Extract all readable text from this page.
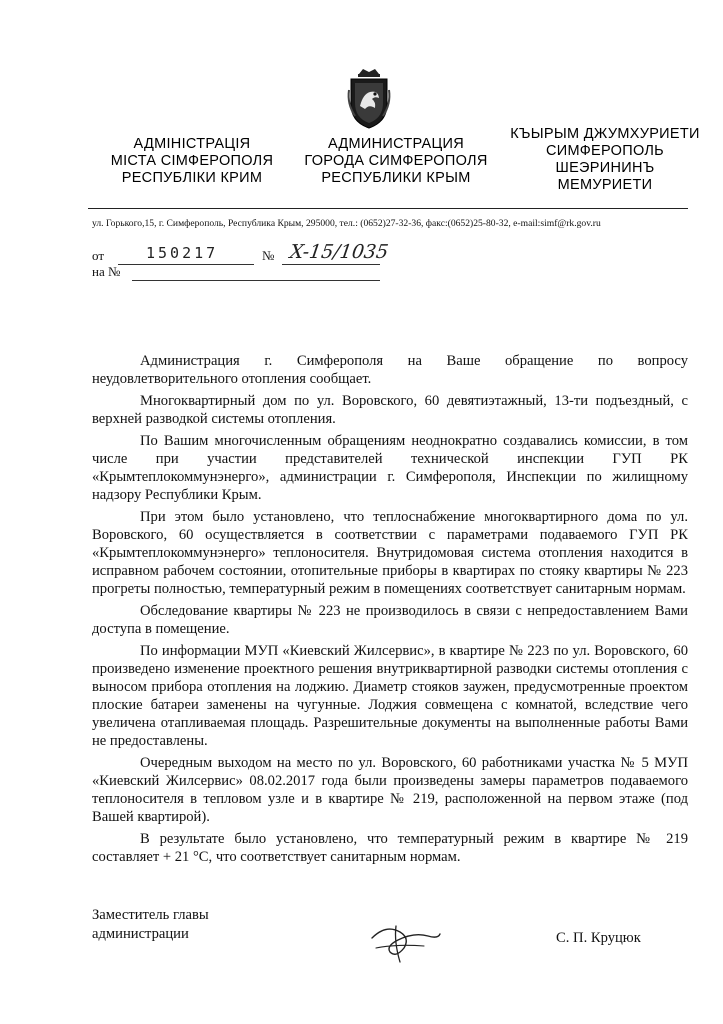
АДМІНІСТРАЦІЯ
МІСТА СІМФЕРОПОЛЯ
РЕСПУБЛІКИ КРИМ
АДМИНИСТРАЦИЯ
ГОРОДА СИМФЕРОПОЛЯ
РЕСПУБЛИКИ КРЫМ
КЪЫРЫМ ДЖУМХУРИЕТИ
СИМФЕРОПОЛЬ
ШЕЭРИНИНЪ
МЕМУРИЕТИ
ул. Горького,15, г. Симферополь, Республика Крым, 295000, тел.: (0652)27-32-36, факс:(0652)25-80-32, e-mail:simf@rk.gov.ru
от	150217	№ X-15/1035
на №

Администрация г. Симферополя на Ваше обращение по вопросу неудовлетворительного отопления сообщает.

Многоквартирный дом по ул. Воровского, 60 девятиэтажный, 13-ти подъездный, с верхней разводкой системы отопления.

По Вашим многочисленным обращениям неоднократно создавались комиссии, в том числе при участии представителей технической инспекции ГУП РК «Крымтеплокоммунэнерго», администрации г. Симферополя, Инспекции по жилищному надзору Республики Крым.

При этом было установлено, что теплоснабжение многоквартирного дома по ул. Воровского, 60 осуществляется в соответствии с параметрами подаваемого ГУП РК «Крымтеплокоммунэнерго» теплоносителя. Внутридомовая система отопления находится в исправном рабочем состоянии, отопительные приборы в квартирах по стояку квартиры № 223 прогреты полностью, температурный режим в помещениях соответствует санитарным нормам.

Обследование квартиры № 223 не производилось в связи с непредоставлением Вами доступа в помещение.

По информации МУП «Киевский Жилсервис», в квартире № 223 по ул. Воровского, 60 произведено изменение проектного решения внутриквартирной разводки системы отопления с выносом прибора отопления на лоджию. Диаметр стояков заужен, предусмотренные проектом плоские батареи заменены на чугунные. Лоджия совмещена с комнатой, вследствие чего увеличена отапливаемая площадь. Разрешительные документы на выполненные работы Вами не предоставлены.

Очередным выходом на место по ул. Воровского, 60 работниками участка № 5 МУП «Киевский Жилсервис» 08.02.2017 года были произведены замеры параметров подаваемого теплоносителя в тепловом узле и в квартире № 219, расположенной на первом этаже (под Вашей квартирой).

В результате было установлено, что температурный режим в квартире № 219 составляет + 21 °С, что соответствует санитарным нормам.

Заместитель главы
администрации	С. П. Круцюк
